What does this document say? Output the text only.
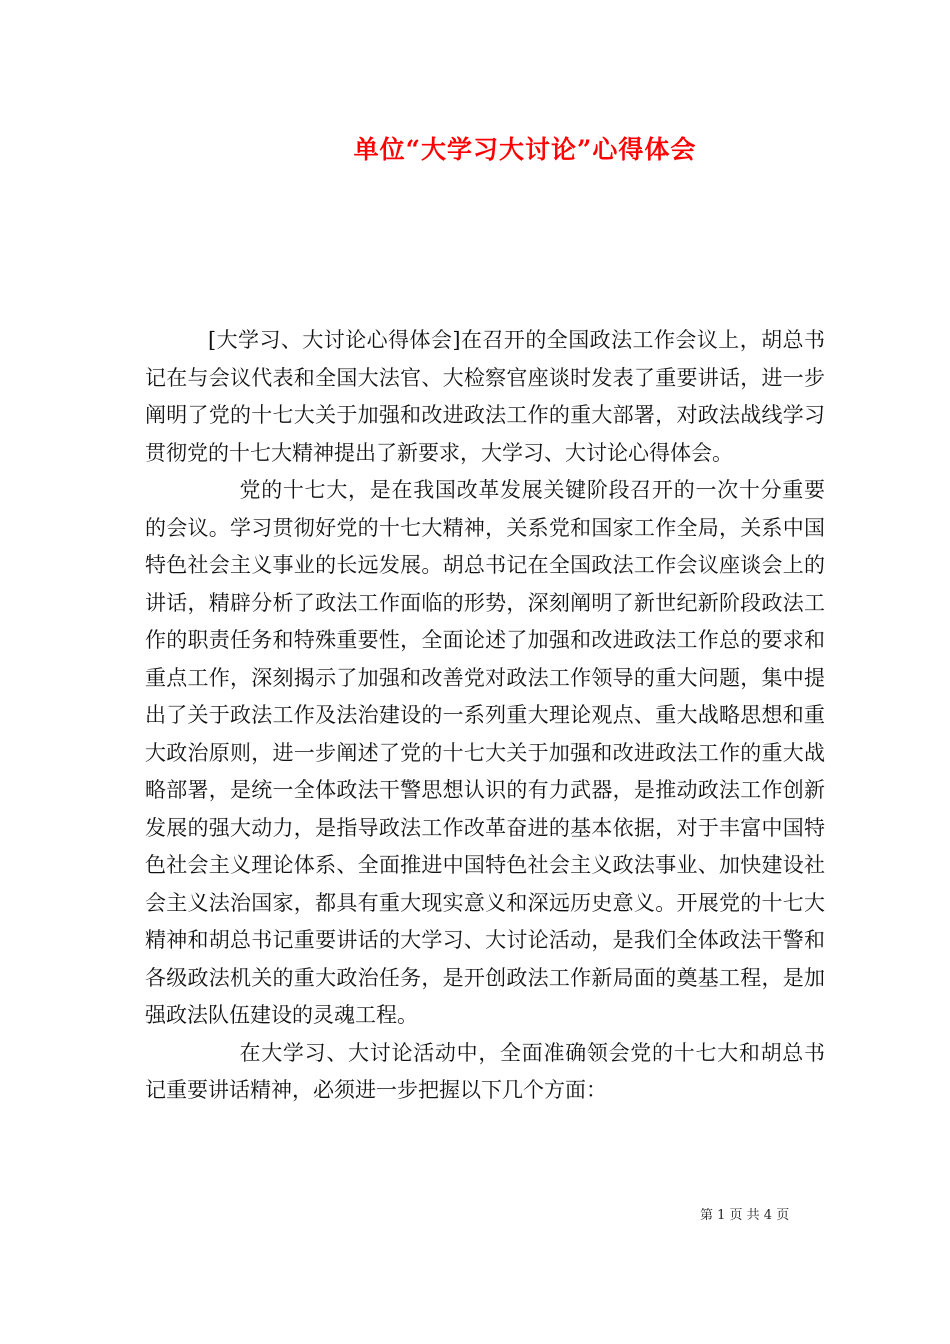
单位“大学习大讨论”心得体会

[大学习、大讨论心得体会]在召开的全国政法工作会议上，胡总书记在与会议代表和全国大法官、大检察官座谈时发表了重要讲话，进一步阐明了党的十七大关于加强和改进政法工作的重大部署，对政法战线学习贯彻党的十七大精神提出了新要求，大学习、大讨论心得体会。

党的十七大，是在我国改革发展关键阶段召开的一次十分重要的会议。学习贯彻好党的十七大精神，关系党和国家工作全局，关系中国特色社会主义事业的长远发展。胡总书记在全国政法工作会议座谈会上的讲话，精辟分析了政法工作面临的形势，深刻阐明了新世纪新阶段政法工作的职责任务和特殊重要性，全面论述了加强和改进政法工作总的要求和重点工作，深刻揭示了加强和改善党对政法工作领导的重大问题，集中提出了关于政法工作及法治建设的一系列重大理论观点、重大战略思想和重大政治原则，进一步阐述了党的十七大关于加强和改进政法工作的重大战略部署，是统一全体政法干警思想认识的有力武器，是推动政法工作创新发展的强大动力，是指导政法工作改革奋进的基本依据，对于丰富中国特色社会主义理论体系、全面推进中国特色社会主义政法事业、加快建设社会主义法治国家，都具有重大现实意义和深远历史意义。开展党的十七大精神和胡总书记重要讲话的大学习、大讨论活动，是我们全体政法干警和各级政法机关的重大政治任务，是开创政法工作新局面的奠基工程，是加强政法队伍建设的灵魂工程。

在大学习、大讨论活动中，全面准确领会党的十七大和胡总书记重要讲话精神，必须进一步把握以下几个方面：

第 1 页 共 4 页
